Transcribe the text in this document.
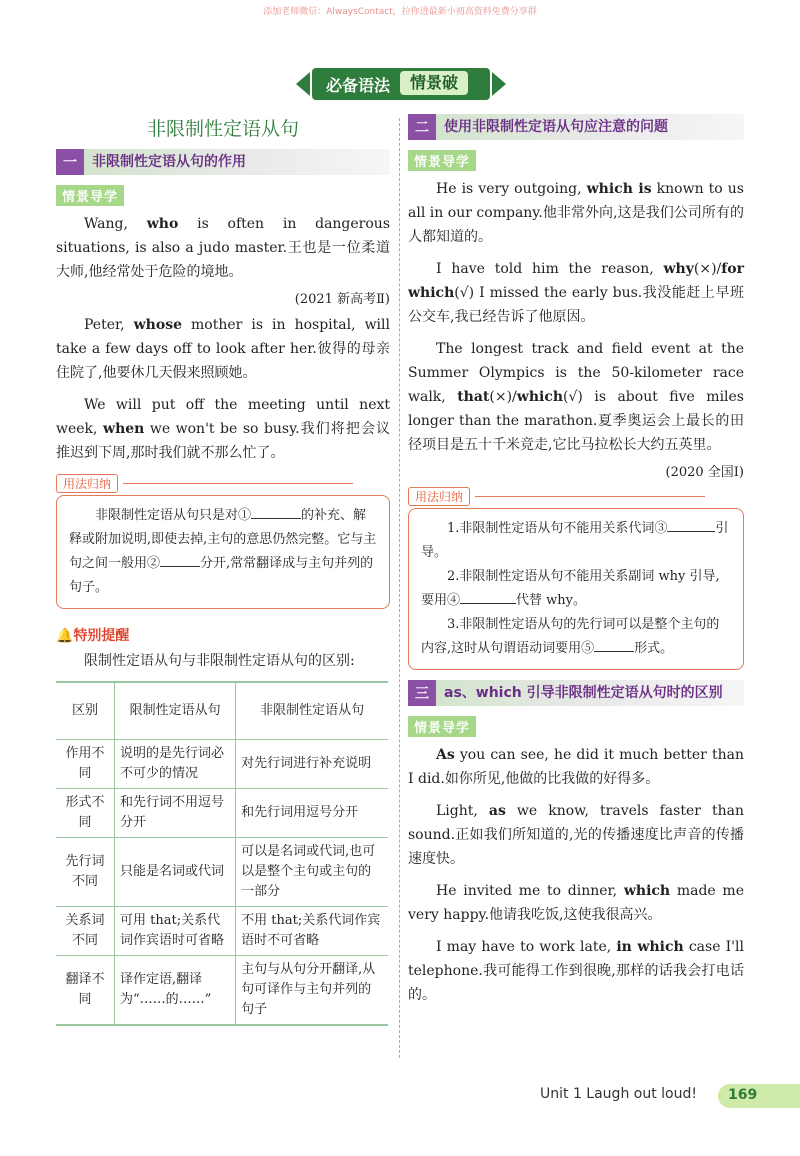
添加老师微信：AlwaysContact，拉你进最新小初高资料免费分享群
必备语法	情景破
非限制性定语从句
一	非限制性定语从句的作用
情景导学

Wang, who is often in dangerous situations, is also a judo master.王也是一位柔道大师,他经常处于危险的境地。

(2021 新高考Ⅱ)

Peter, whose mother is in hospital, will take a few days off to look after her.彼得的母亲住院了,他要休几天假来照顾她。

We will put off the meeting until next week, when we won't be so busy.我们将把会议推迟到下周,那时我们就不那么忙了。

用法归纳

非限制性定语从句只是对①	的补充、解释或附加说明,即使去掉,主句的意思仍然完整。它与主句之间一般用②	分开,常常翻译成与主句并列的句子。

🔔特别提醒

限制性定语从句与非限制性定语从句的区别:

区别	限制性定语从句	非限制性定语从句
作用不同	说明的是先行词必不可少的情况	对先行词进行补充说明
形式不同	和先行词不用逗号分开	和先行词用逗号分开
先行词不同	只能是名词或代词	可以是名词或代词,也可以是整个主句或主句的一部分
关系词不同	可用 that;关系代词作宾语时可省略	不用 that;关系代词作宾语时不可省略
翻译不同	译作定语,翻译为“……的……”	主句与从句分开翻译,从句可译作与主句并列的句子
二	使用非限制性定语从句应注意的问题
情景导学

He is very outgoing, which is known to us all in our company.他非常外向,这是我们公司所有的人都知道的。

I have told him the reason, why(×)/for which(√) I missed the early bus.我没能赶上早班公交车,我已经告诉了他原因。

The longest track and field event at the Summer Olympics is the 50-kilometer race walk, that(×)/which(√) is about five miles longer than the marathon.夏季奥运会上最长的田径项目是五十千米竞走,它比马拉松长大约五英里。

(2020 全国Ⅰ)

用法归纳

1.非限制性定语从句不能用关系代词③	引导。

2.非限制性定语从句不能用关系副词 why 引导,要用④	代替 why。

3.非限制性定语从句的先行词可以是整个主句的内容,这时从句谓语动词要用⑤	形式。

三	as、which 引导非限制性定语从句时的区别
情景导学

As you can see, he did it much better than I did.如你所见,他做的比我做的好得多。

Light, as we know, travels faster than sound.正如我们所知道的,光的传播速度比声音的传播速度快。

He invited me to dinner, which made me very happy.他请我吃饭,这使我很高兴。

I may have to work late, in which case I'll telephone.我可能得工作到很晚,那样的话我会打电话的。

Unit 1 Laugh out loud! 169
